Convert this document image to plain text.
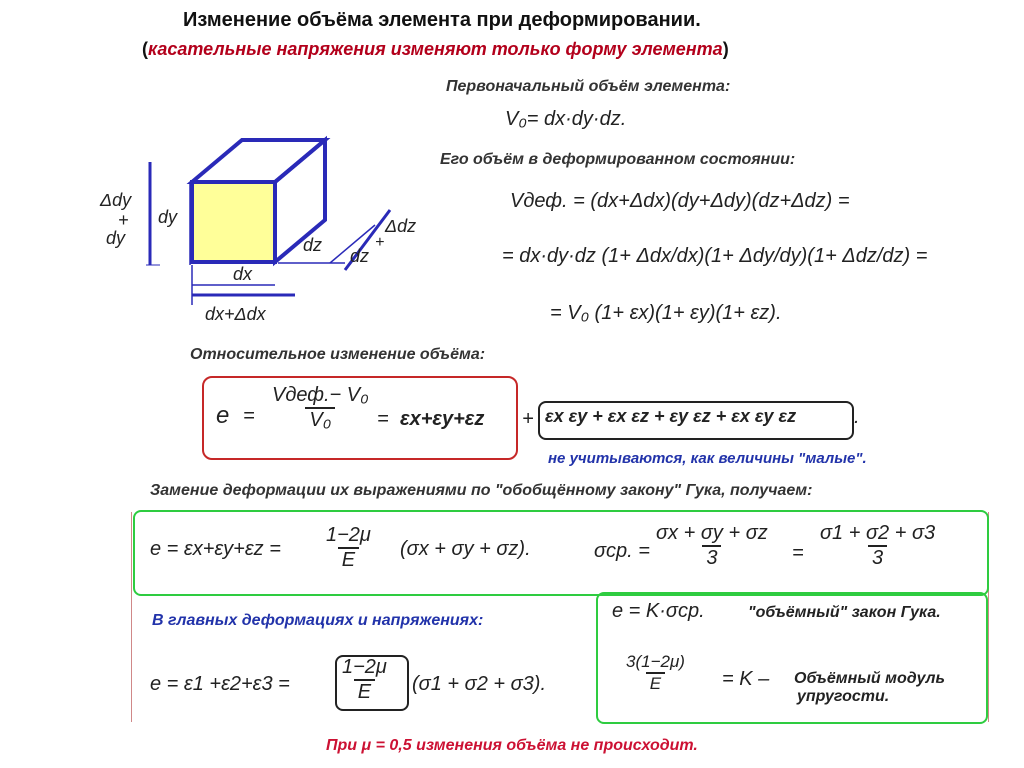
Изменение объёма элемента при деформировании.
(касательные напряжения изменяют только форму элемента)
Δdy
+
dy
dy
dz
dz
+
Δdz
dx
dx+Δdx
Первоначальный объём элемента:
V₀= dx·dy·dz.
Его объём в деформированном состоянии:
Vдеф. = (dx+Δdx)(dy+Δdy)(dz+Δdz) =
= dx·dy·dz (1+ Δdx/dx)(1+ Δdy/dy)(1+ Δdz/dz) =
= V₀ (1+ εx)(1+ εy)(1+ εz).
Относительное изменение объёма:
$e = \frac{\text{Vдеф.− V₀}}{\text{V₀}} = \varepsilon x+\varepsilon y+\varepsilon z + \varepsilon x$ εy + εx εz + εy εz + εx εy εz	.
не учитываются, как величины "малые".
Замение деформации их выражениями по "обобщённому закону" Гука, получаем:
$e = \varepsilon x+\varepsilon y+\varepsilon z = \frac{1-2\mu}{E} (\sigma x + \sigma y + \sigma z)$.	σср. = $\frac{\sigma x + \sigma y + \sigma z}{3} = \frac{\sigma 1 + \sigma 2 + \sigma 3}{3}$
В главных деформациях и напряжениях:
$e = \varepsilon 1 +\varepsilon 2+\varepsilon 3 = \frac{1-2\mu}{E} (\sigma 1 + \sigma 2 + \sigma 3)$.
e = K·σср.	"объёмный" закон Гука.
$\frac{3(1-2\mu)}{E} = K$ – Объёмный модуль
упругости.
При μ = 0,5 изменения объёма не происходит.
